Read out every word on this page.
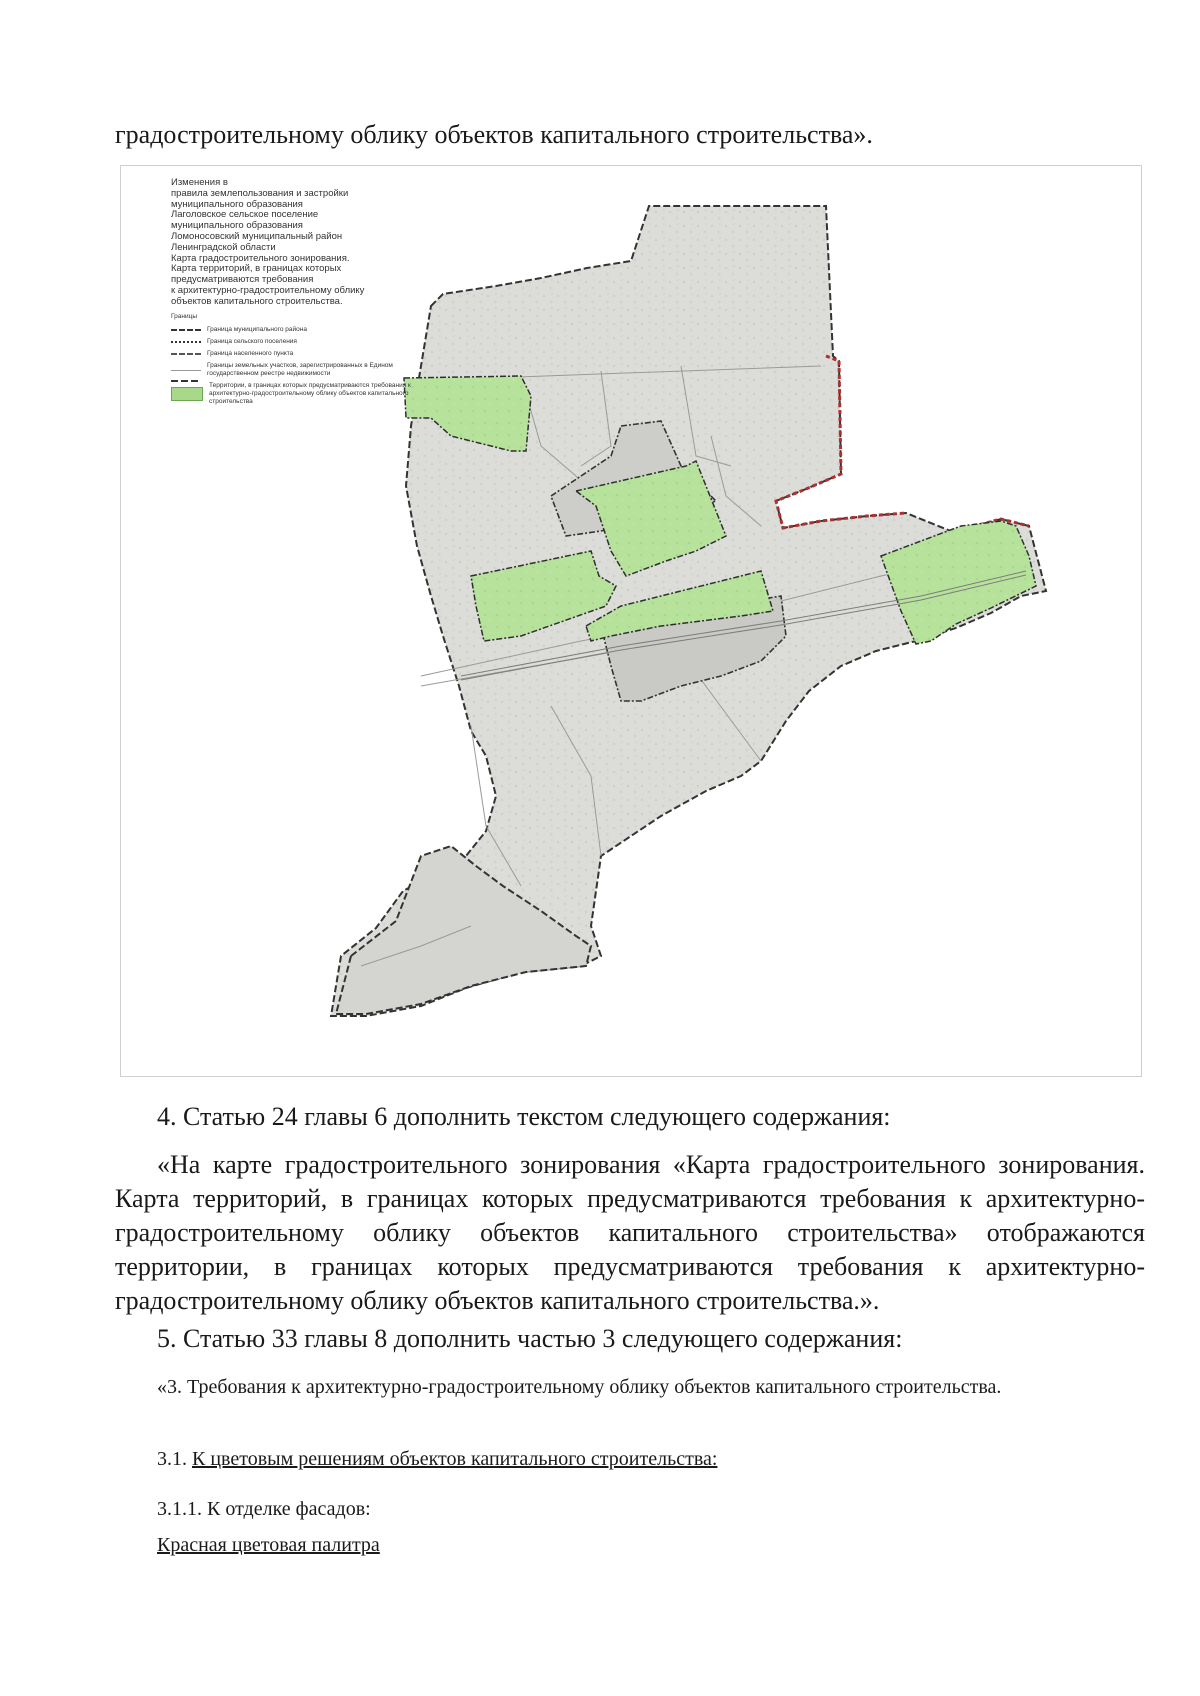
градостроительному облику объектов капитального строительства».
Изменения в
правила землепользования и застройки
муниципального образования
Лаголовское сельское поселение
муниципального образования
Ломоносовский муниципальный район
Ленинградской области
Карта градостроительного зонирования.
Карта территорий, в границах которых
предусматриваются требования
к архитектурно-градостроительному облику
объектов капитального строительства.
Границы
Граница муниципального района
Граница сельского поселения
Граница населенного пункта
Границы земельных участков, зарегистрированных в Едином государственном реестре недвижимости
Территории, в границах которых предусматриваются требования к архитектурно-градостроительному облику объектов капитального строительства
4. Статью 24 главы 6 дополнить текстом следующего содержания:
«На карте градостроительного зонирования «Карта градостроительного зонирования. Карта территорий, в границах которых предусматриваются требования к архитектурно-градостроительному облику объектов капитального строительства» отображаются территории, в границах которых предусматриваются требования к архитектурно-градостроительному облику объектов капитального строительства.».
5. Статью 33 главы 8 дополнить частью 3 следующего содержания:
«3. Требования к архитектурно-градостроительному облику объектов капитального строительства.
3.1. К цветовым решениям объектов капитального строительства:
3.1.1. К отделке фасадов:
Красная цветовая палитра
